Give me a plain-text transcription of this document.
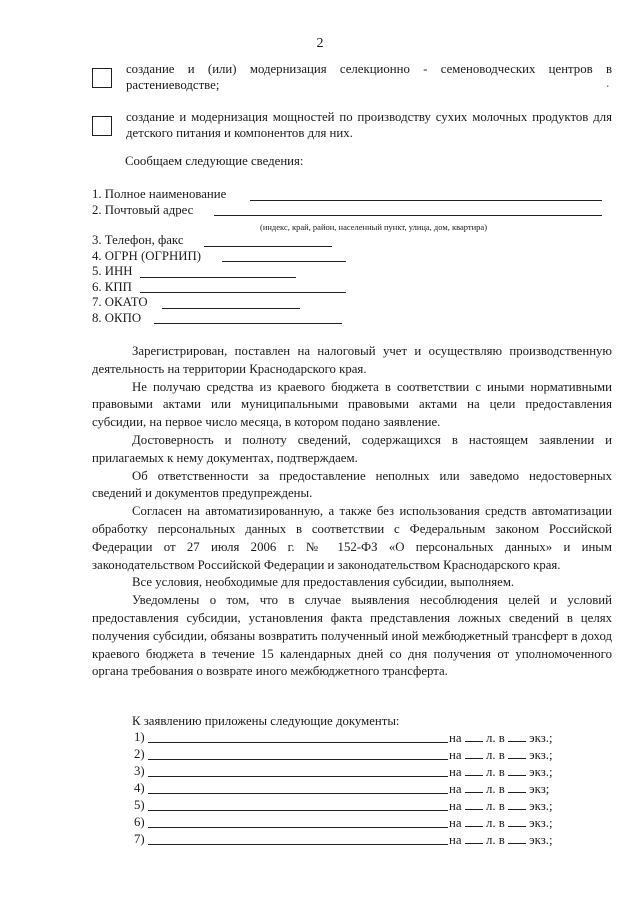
2
создание и (или) модернизация селекционно - семеноводческих центров в растениеводстве;	·
создание и модернизация мощностей по производству сухих молочных продуктов для детского питания и компонентов для них.
Сообщаем следующие сведения:
1. Полное наименование
2. Почтовый адрес
3. Телефон, факс
4. ОГРН (ОГРНИП)
5. ИНН
6. КПП
7. ОКАТО
8. ОКПО
(индекс, край, район, населенный пункт, улица, дом, квартира)

Зарегистрирован, поставлен на налоговый учет и осуществляю производственную деятельность на территории Краснодарского края.

Не получаю средства из краевого бюджета в соответствии с иными нормативными правовыми актами или муниципальными правовыми актами на цели предоставления субсидии, на первое число месяца, в котором подано заявление.

Достоверность и полноту сведений, содержащихся в настоящем заявлении и прилагаемых к нему документах, подтверждаем.

Об ответственности за предоставление неполных или заведомо недостоверных сведений и документов предупреждены.

Согласен на автоматизированную, а также без использования средств автоматизации обработку персональных данных в соответствии с Федеральным законом Российской Федерации от 27 июля 2006 г. № 152-ФЗ «О персональных данных» и иным законодательством Российской Федерации и законодательством Краснодарского края.

Все условия, необходимые для предоставления субсидии, выполняем.

Уведомлены о том, что в случае выявления несоблюдения целей и условий предоставления субсидии, установления факта представления ложных сведений в целях получения субсидии, обязаны возвратить полученный иной межбюджетный трансферт в доход краевого бюджета в течение 15 календарных дней со дня получения от уполномоченного органа требования о возврате иного межбюджетного трансферта.

К заявлению приложены следующие документы:
1)	на л. в экз.;
2)	на л. в экз.;
3)	на л. в экз.;
4)	на л. в экз;
5)	на л. в экз.;
6)	на л. в экз.;
7)	на л. в экз.;
